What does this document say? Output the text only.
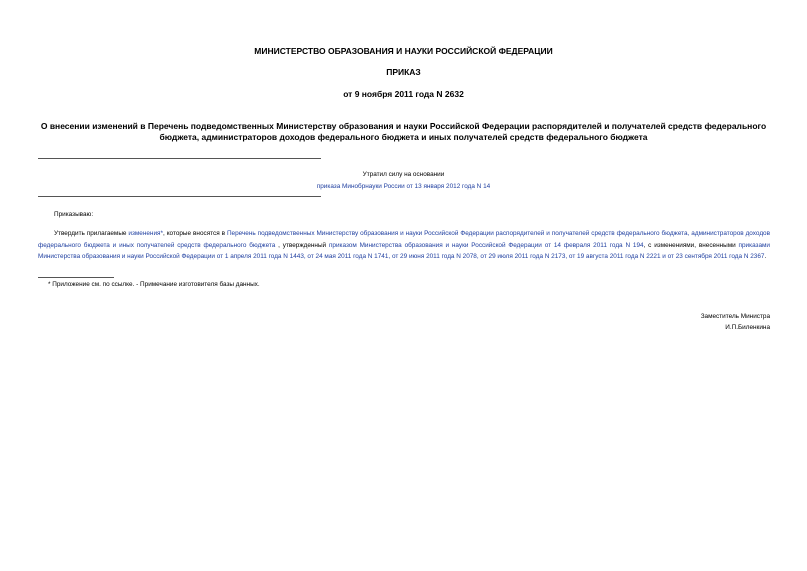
МИНИСТЕРСТВО ОБРАЗОВАНИЯ И НАУКИ РОССИЙСКОЙ ФЕДЕРАЦИИ
ПРИКАЗ
от 9 ноября 2011 года N 2632
О внесении изменений в Перечень подведомственных Министерству образования и науки Российской Федерации распорядителей и получателей средств федерального бюджета, администраторов доходов федерального бюджета и иных получателей средств федерального бюджета
Утратил силу на основании
приказа Минобрнауки России от 13 января 2012 года N 14
Приказываю:
Утвердить прилагаемые изменения*, которые вносятся в Перечень подведомственных Министерству образования и науки Российской Федерации распорядителей и получателей средств федерального бюджета, администраторов доходов федерального бюджета и иных получателей средств федерального бюджета , утвержденный приказом Министерства образования и науки Российской Федерации от 14 февраля 2011 года N 194, с изменениями, внесенными приказами Министерства образования и науки Российской Федерации от 1 апреля 2011 года N 1443, от 24 мая 2011 года N 1741, от 29 июня 2011 года N 2078, от 29 июля 2011 года N 2173, от 19 августа 2011 года N 2221 и от 23 сентября 2011 года N 2367.
* Приложение см. по ссылке. - Примечание изготовителя базы данных.
Заместитель Министра
И.П.Биленкина
